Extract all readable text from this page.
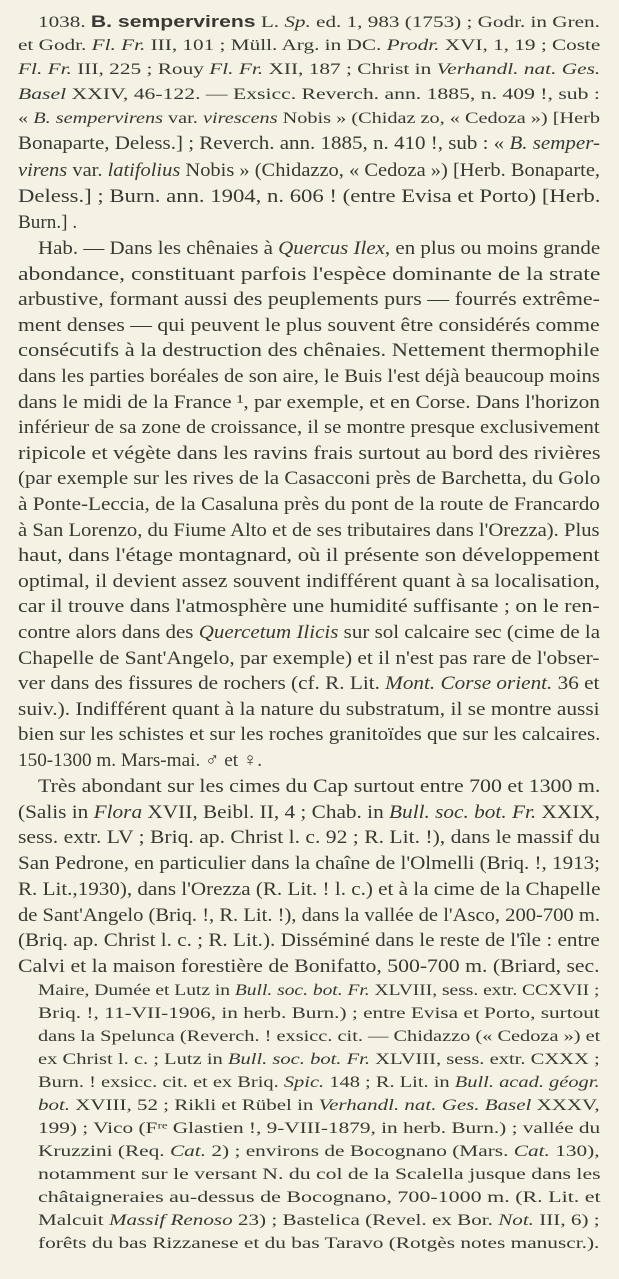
1038. B. sempervirens L. Sp. ed. 1, 983 (1753) ; Godr. in Gren.
et Godr. Fl. Fr. III, 101 ; Müll. Arg. in DC. Prodr. XVI, 1, 19 ; Coste
Fl. Fr. III, 225 ; Rouy Fl. Fr. XII, 187 ; Christ in Verhandl. nat. Ges.
Basel XXIV, 46-122. — Exsicc. Reverch. ann. 1885, n. 409 !, sub :
« B. sempervirens var. virescens Nobis » (Chidaz zo, « Cedoza ») [Herb
Bonaparte, Deless.] ; Reverch. ann. 1885, n. 410 !, sub : « B. semper-
virens var. latifolius Nobis » (Chidazzo, « Cedoza ») [Herb. Bonaparte,
Deless.] ; Burn. ann. 1904, n. 606 ! (entre Evisa et Porto) [Herb.
Burn.] .
Hab. — Dans les chênaies à Quercus Ilex, en plus ou moins grande
abondance, constituant parfois l'espèce dominante de la strate
arbustive, formant aussi des peuplements purs — fourrés extrême-
ment denses — qui peuvent le plus souvent être considérés comme
consécutifs à la destruction des chênaies. Nettement thermophile
dans les parties boréales de son aire, le Buis l'est déjà beaucoup moins
dans le midi de la France ¹, par exemple, et en Corse. Dans l'horizon
inférieur de sa zone de croissance, il se montre presque exclusivement
ripicole et végète dans les ravins frais surtout au bord des rivières
(par exemple sur les rives de la Casacconi près de Barchetta, du Golo
à Ponte-Leccia, de la Casaluna près du pont de la route de Francardo
à San Lorenzo, du Fiume Alto et de ses tributaires dans l'Orezza). Plus
haut, dans l'étage montagnard, où il présente son développement
optimal, il devient assez souvent indifférent quant à sa localisation,
car il trouve dans l'atmosphère une humidité suffisante ; on le ren-
contre alors dans des Quercetum Ilicis sur sol calcaire sec (cime de la
Chapelle de Sant'Angelo, par exemple) et il n'est pas rare de l'obser-
ver dans des fissures de rochers (cf. R. Lit. Mont. Corse orient. 36 et
suiv.). Indifférent quant à la nature du substratum, il se montre aussi
bien sur les schistes et sur les roches granitoïdes que sur les calcaires.
150-1300 m. Mars-mai. ♂ et ♀.
Très abondant sur les cimes du Cap surtout entre 700 et 1300 m.
(Salis in Flora XVII, Beibl. II, 4 ; Chab. in Bull. soc. bot. Fr. XXIX,
sess. extr. LV ; Briq. ap. Christ l. c. 92 ; R. Lit. !), dans le massif du
San Pedrone, en particulier dans la chaîne de l'Olmelli (Briq. !, 1913;
R. Lit.,1930), dans l'Orezza (R. Lit. ! l. c.) et à la cime de la Chapelle
de Sant'Angelo (Briq. !, R. Lit. !), dans la vallée de l'Asco, 200-700 m.
(Briq. ap. Christ l. c. ; R. Lit.). Disséminé dans le reste de l'île : entre
Calvi et la maison forestière de Bonifatto, 500-700 m. (Briard, sec.
Maire, Dumée et Lutz in Bull. soc. bot. Fr. XLVIII, sess. extr. CCXVII ;
Briq. !, 11-VII-1906, in herb. Burn.) ; entre Evisa et Porto, surtout
dans la Spelunca (Reverch. ! exsicc. cit. — Chidazzo (« Cedoza ») et
ex Christ l. c. ; Lutz in Bull. soc. bot. Fr. XLVIII, sess. extr. CXXX ;
Burn. ! exsicc. cit. et ex Briq. Spic. 148 ; R. Lit. in Bull. acad. géogr.
bot. XVIII, 52 ; Rikli et Rübel in Verhandl. nat. Ges. Basel XXXV,
199) ; Vico (Fʳᵉ Glastien !, 9-VIII-1879, in herb. Burn.) ; vallée du
Kruzzini (Req. Cat. 2) ; environs de Bocognano (Mars. Cat. 130),
notamment sur le versant N. du col de la Scalella jusque dans les
châtaigneraies au-dessus de Bocognano, 700-1000 m. (R. Lit. et
Malcuit Massif Renoso 23) ; Bastelica (Revel. ex Bor. Not. III, 6) ;
forêts du bas Rizzanese et du bas Taravo (Rotgès notes manuscr.).
